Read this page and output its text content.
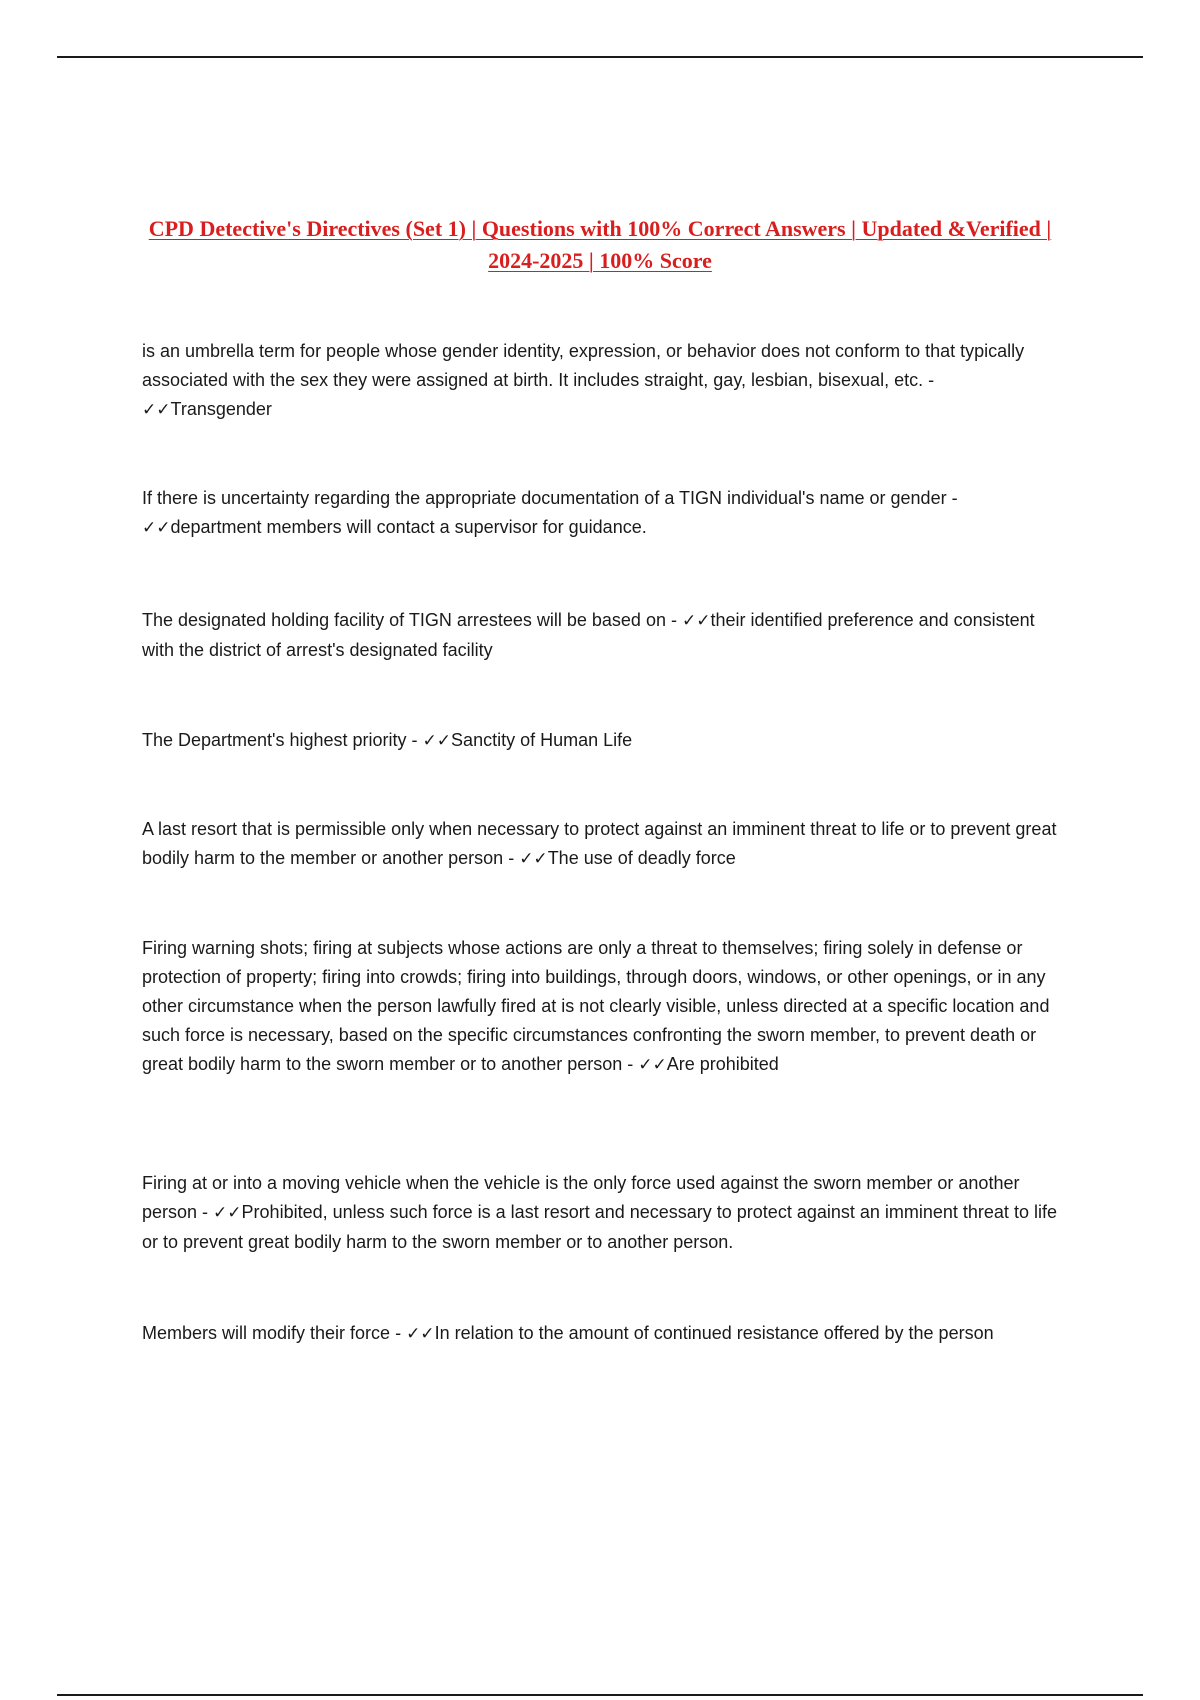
CPD Detective's Directives (Set 1) | Questions with 100% Correct Answers | Updated &Verified | 2024-2025 | 100% Score

is an umbrella term for people whose gender identity, expression, or behavior does not conform to that typically associated with the sex they were assigned at birth. It includes straight, gay, lesbian, bisexual, etc. - ✓✓Transgender

If there is uncertainty regarding the appropriate documentation of a TIGN individual's name or gender - ✓✓department members will contact a supervisor for guidance.

The designated holding facility of TIGN arrestees will be based on - ✓✓their identified preference and consistent with the district of arrest's designated facility

The Department's highest priority - ✓✓Sanctity of Human Life

A last resort that is permissible only when necessary to protect against an imminent threat to life or to prevent great bodily harm to the member or another person - ✓✓The use of deadly force

Firing warning shots; firing at subjects whose actions are only a threat to themselves; firing solely in defense or protection of property; firing into crowds; firing into buildings, through doors, windows, or other openings, or in any other circumstance when the person lawfully fired at is not clearly visible, unless directed at a specific location and such force is necessary, based on the specific circumstances confronting the sworn member, to prevent death or great bodily harm to the sworn member or to another person - ✓✓Are prohibited

Firing at or into a moving vehicle when the vehicle is the only force used against the sworn member or another person - ✓✓Prohibited, unless such force is a last resort and necessary to protect against an imminent threat to life or to prevent great bodily harm to the sworn member or to another person.

Members will modify their force - ✓✓In relation to the amount of continued resistance offered by the person
